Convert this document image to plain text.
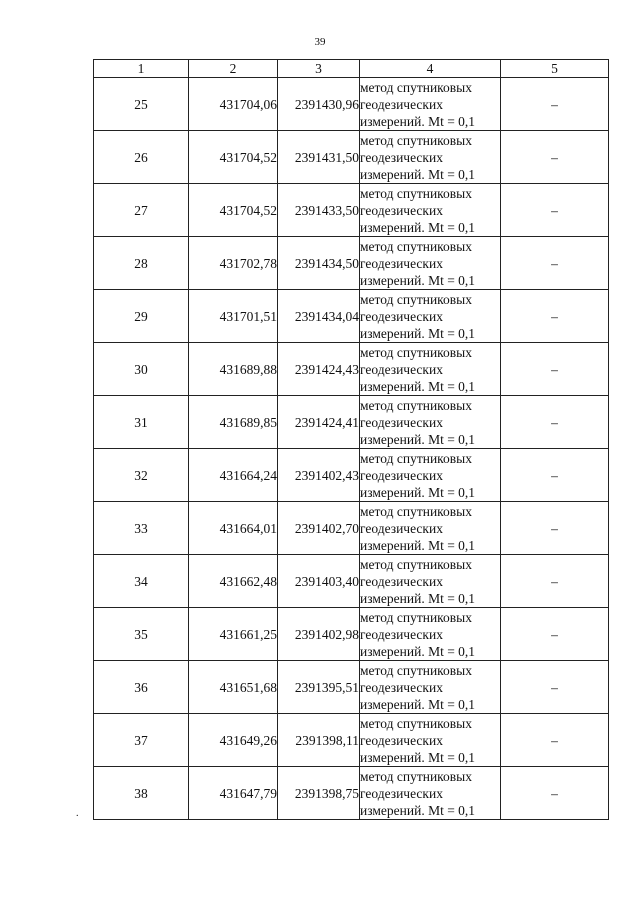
39
1	2	3	4	5
25	431704,06	2391430,96	метод спутниковых геодезических измерений. Mt = 0,1	–
26	431704,52	2391431,50	метод спутниковых геодезических измерений. Mt = 0,1	–
27	431704,52	2391433,50	метод спутниковых геодезических измерений. Mt = 0,1	–
28	431702,78	2391434,50	метод спутниковых геодезических измерений. Mt = 0,1	–
29	431701,51	2391434,04	метод спутниковых геодезических измерений. Mt = 0,1	–
30	431689,88	2391424,43	метод спутниковых геодезических измерений. Mt = 0,1	–
31	431689,85	2391424,41	метод спутниковых геодезических измерений. Mt = 0,1	–
32	431664,24	2391402,43	метод спутниковых геодезических измерений. Mt = 0,1	–
33	431664,01	2391402,70	метод спутниковых геодезических измерений. Mt = 0,1	–
34	431662,48	2391403,40	метод спутниковых геодезических измерений. Mt = 0,1	–
35	431661,25	2391402,98	метод спутниковых геодезических измерений. Mt = 0,1	–
36	431651,68	2391395,51	метод спутниковых геодезических измерений. Mt = 0,1	–
37	431649,26	2391398,11	метод спутниковых геодезических измерений. Mt = 0,1	–
38	431647,79	2391398,75	метод спутниковых геодезических измерений. Mt = 0,1	–
.
